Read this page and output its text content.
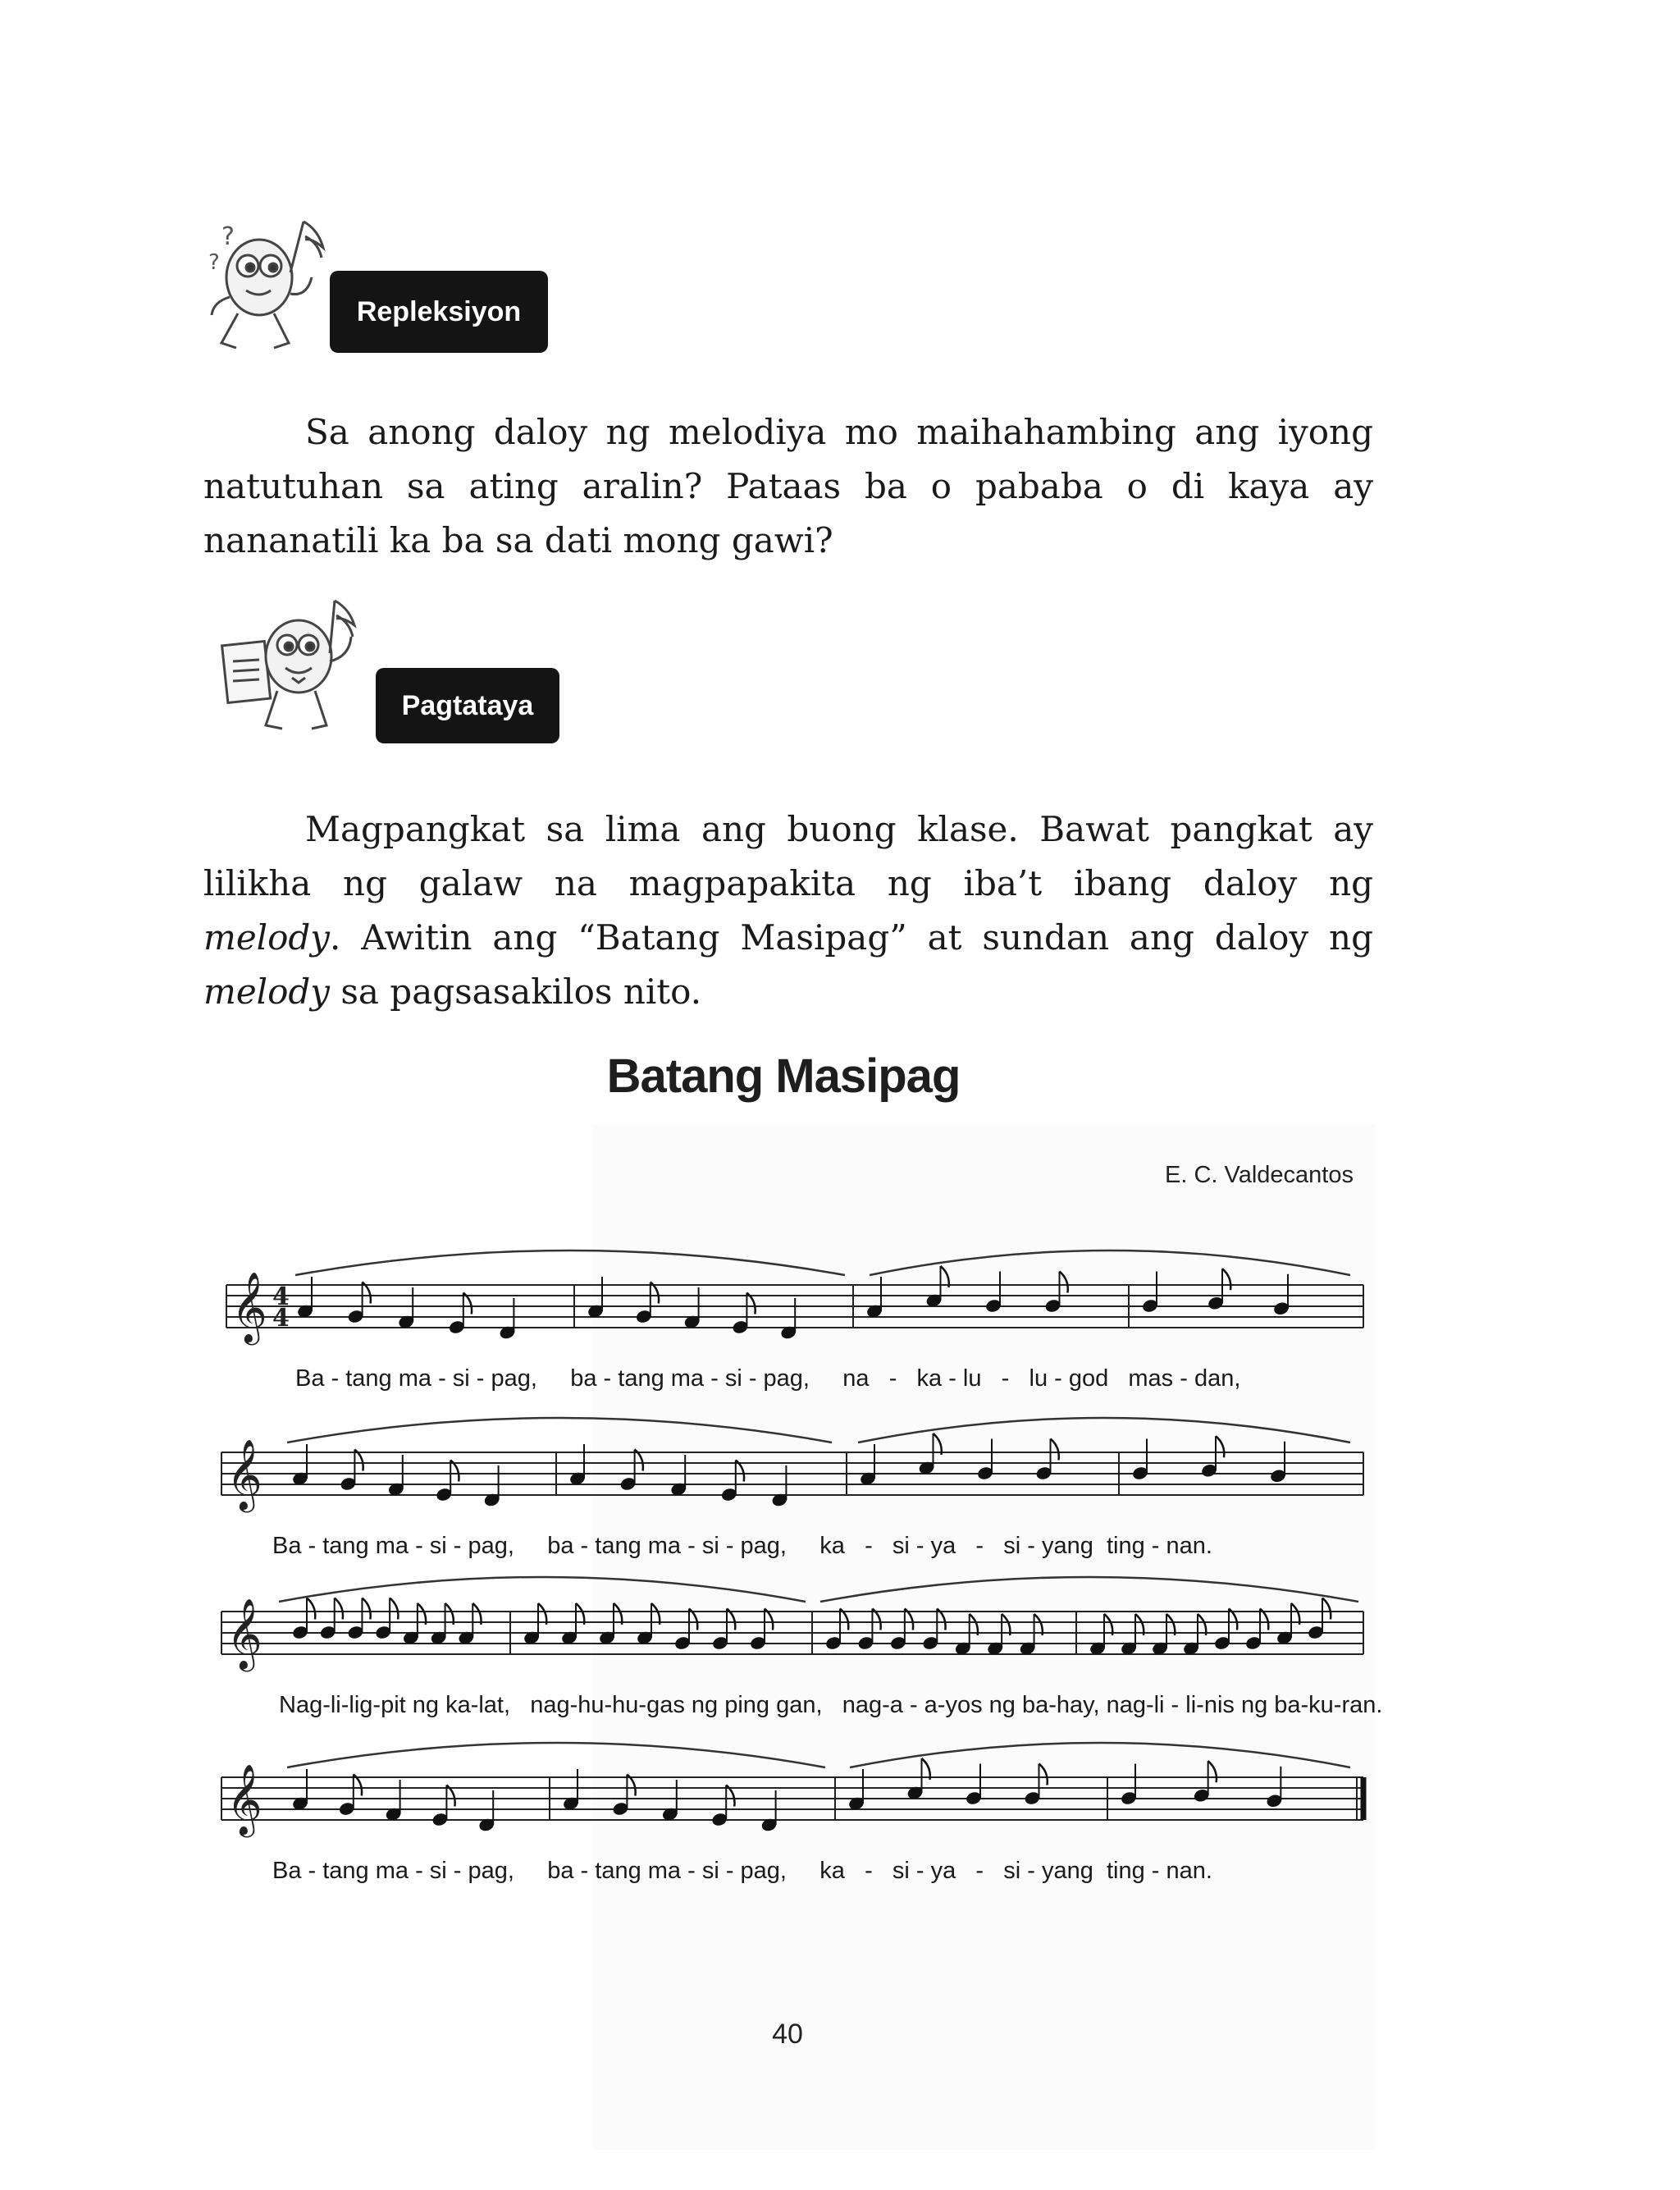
?
?
Repleksiyon

Sa anong daloy ng melodiya mo maihahambing ang iyong
natutuhan sa ating aralin? Pataas ba o pababa o di kaya ay
nananatili ka ba sa dati mong gawi?

Pagtataya

Magpangkat sa lima ang buong klase. Bawat pangkat ay
lilikha ng galaw na magpapakita ng iba’t ibang daloy ng
melody. Awitin ang “Batang Masipag” at sundan ang daloy ng
melody sa pagsasakilos nito.

Batang Masipag
E. C. Valdecantos
𝄞 4
4
𝄞
𝄞
𝄞
Ba - tang ma - si - pag,     ba - tang ma - si - pag,     na   -   ka - lu   -   lu - god   mas - dan,
Ba - tang ma - si - pag,     ba - tang ma - si - pag,     ka   -   si - ya   -   si - yang  ting - nan.
Nag-li-lig-pit ng ka-lat,   nag-hu-hu-gas ng ping gan,   nag-a - a-yos ng ba-hay, nag-li - li-nis ng ba-ku-ran.
Ba - tang ma - si - pag,     ba - tang ma - si - pag,     ka   -   si - ya   -   si - yang  ting - nan.
40
